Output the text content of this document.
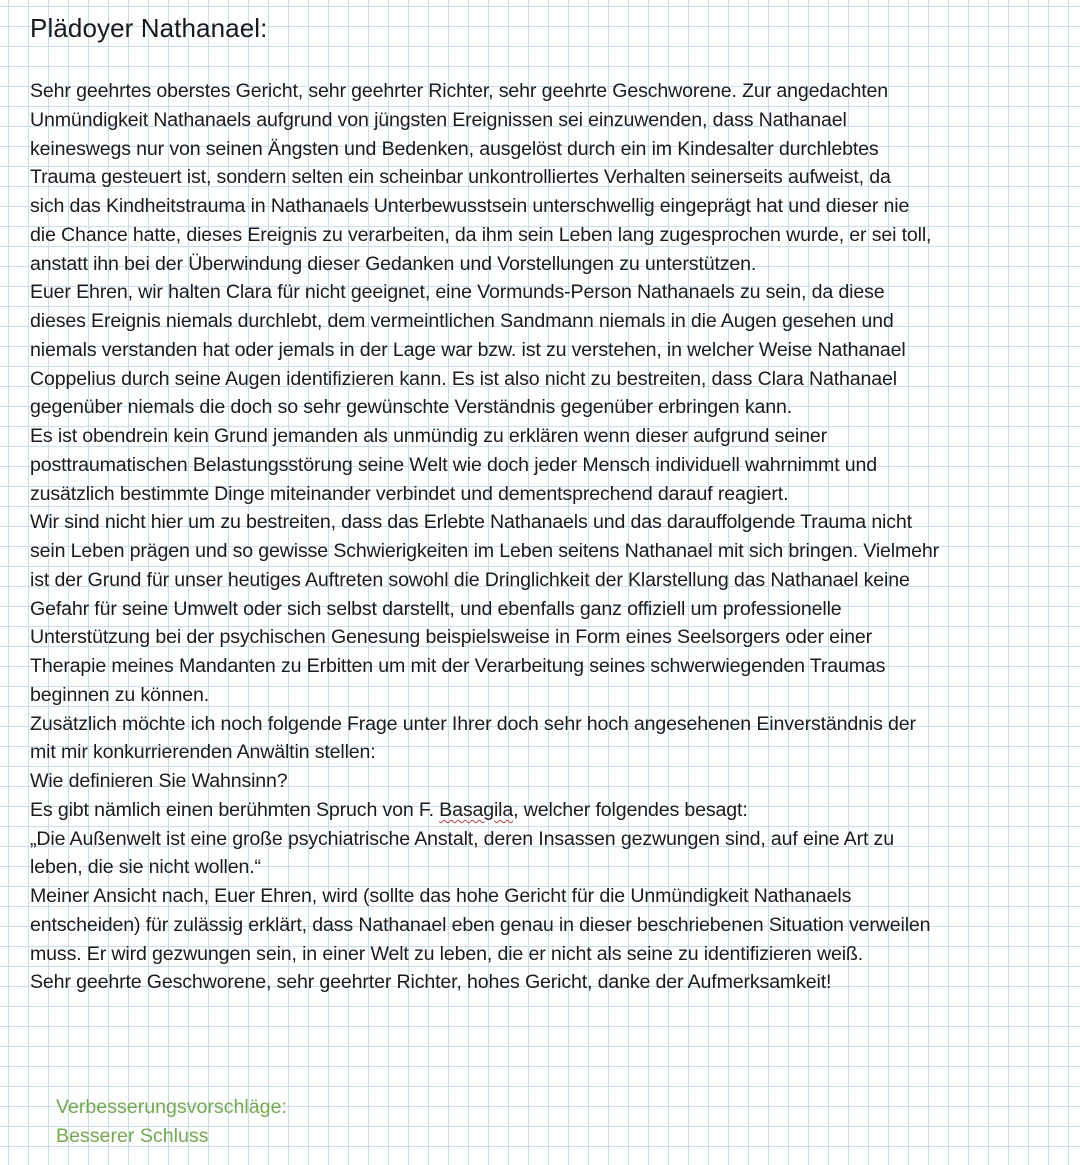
Plädoyer Nathanael:
Sehr geehrtes oberstes Gericht, sehr geehrter Richter, sehr geehrte Geschworene. Zur angedachten
Unmündigkeit Nathanaels aufgrund von jüngsten Ereignissen sei einzuwenden, dass Nathanael
keineswegs nur von seinen Ängsten und Bedenken, ausgelöst durch ein im Kindesalter durchlebtes
Trauma gesteuert ist, sondern selten ein scheinbar unkontrolliertes Verhalten seinerseits aufweist, da
sich das Kindheitstrauma in Nathanaels Unterbewusstsein unterschwellig eingeprägt hat und dieser nie
die Chance hatte, dieses Ereignis zu verarbeiten, da ihm sein Leben lang zugesprochen wurde, er sei toll,
anstatt ihn bei der Überwindung dieser Gedanken und Vorstellungen zu unterstützen.
Euer Ehren, wir halten Clara für nicht geeignet, eine Vormunds-Person Nathanaels zu sein, da diese
dieses Ereignis niemals durchlebt, dem vermeintlichen Sandmann niemals in die Augen gesehen und
niemals verstanden hat oder jemals in der Lage war bzw. ist zu verstehen, in welcher Weise Nathanael
Coppelius durch seine Augen identifizieren kann. Es ist also nicht zu bestreiten, dass Clara Nathanael
gegenüber niemals die doch so sehr gewünschte Verständnis gegenüber erbringen kann.
Es ist obendrein kein Grund jemanden als unmündig zu erklären wenn dieser aufgrund seiner
posttraumatischen Belastungsstörung seine Welt wie doch jeder Mensch individuell wahrnimmt und
zusätzlich bestimmte Dinge miteinander verbindet und dementsprechend darauf reagiert.
Wir sind nicht hier um zu bestreiten, dass das Erlebte Nathanaels und das darauffolgende Trauma nicht
sein Leben prägen und so gewisse Schwierigkeiten im Leben seitens Nathanael mit sich bringen. Vielmehr
ist der Grund für unser heutiges Auftreten sowohl die Dringlichkeit der Klarstellung das Nathanael keine
Gefahr für seine Umwelt oder sich selbst darstellt, und ebenfalls ganz offiziell um professionelle
Unterstützung bei der psychischen Genesung beispielsweise in Form eines Seelsorgers oder einer
Therapie meines Mandanten zu Erbitten um mit der Verarbeitung seines schwerwiegenden Traumas
beginnen zu können.
Zusätzlich möchte ich noch folgende Frage unter Ihrer doch sehr hoch angesehenen Einverständnis der
mit mir konkurrierenden Anwältin stellen:
Wie definieren Sie Wahnsinn?
Es gibt nämlich einen berühmten Spruch von F. Basagila, welcher folgendes besagt:
„Die Außenwelt ist eine große psychiatrische Anstalt, deren Insassen gezwungen sind, auf eine Art zu
leben, die sie nicht wollen.“
Meiner Ansicht nach, Euer Ehren, wird (sollte das hohe Gericht für die Unmündigkeit Nathanaels
entscheiden) für zulässig erklärt, dass Nathanael eben genau in dieser beschriebenen Situation verweilen
muss. Er wird gezwungen sein, in einer Welt zu leben, die er nicht als seine zu identifizieren weiß.
Sehr geehrte Geschworene, sehr geehrter Richter, hohes Gericht, danke der Aufmerksamkeit!
Verbesserungsvorschläge:
Besserer Schluss
